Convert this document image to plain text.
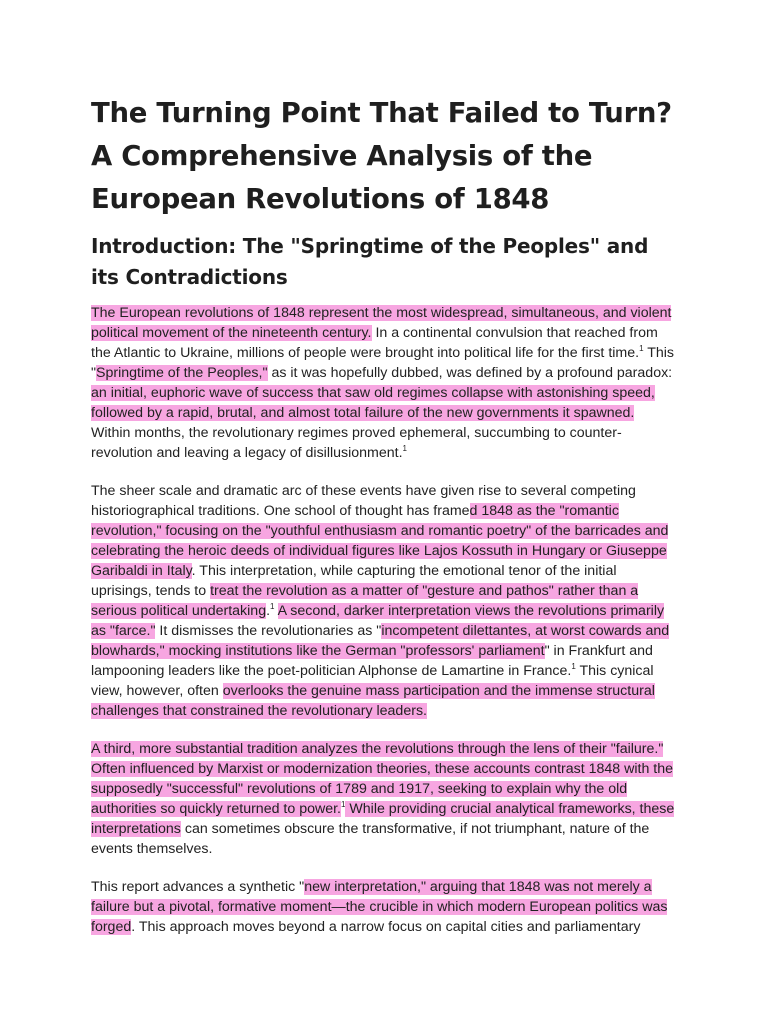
The Turning Point That Failed to Turn? A Comprehensive Analysis of the European Revolutions of 1848
Introduction: The "Springtime of the Peoples" and its Contradictions

The European revolutions of 1848 represent the most widespread, simultaneous, and violent political movement of the nineteenth century. In a continental convulsion that reached from the Atlantic to Ukraine, millions of people were brought into political life for the first time.$^1$ This "Springtime of the Peoples," as it was hopefully dubbed, was defined by a profound paradox: an initial, euphoric wave of success that saw old regimes collapse with astonishing speed, followed by a rapid, brutal, and almost total failure of the new governments it spawned. Within months, the revolutionary regimes proved ephemeral, succumbing to counter-revolution and leaving a legacy of disillusionment.$^1$

The sheer scale and dramatic arc of these events have given rise to several competing historiographical traditions. One school of thought has framed 1848 as the "romantic revolution," focusing on the "youthful enthusiasm and romantic poetry" of the barricades and celebrating the heroic deeds of individual figures like Lajos Kossuth in Hungary or Giuseppe Garibaldi in Italy. This interpretation, while capturing the emotional tenor of the initial uprisings, tends to treat the revolution as a matter of "gesture and pathos" rather than a serious political undertaking.$^1$ A second, darker interpretation views the revolutions primarily as "farce." It dismisses the revolutionaries as "incompetent dilettantes, at worst cowards and blowhards," mocking institutions like the German "professors' parliament" in Frankfurt and lampooning leaders like the poet-politician Alphonse de Lamartine in France.$^1$ This cynical view, however, often overlooks the genuine mass participation and the immense structural challenges that constrained the revolutionary leaders.

A third, more substantial tradition analyzes the revolutions through the lens of their "failure." Often influenced by Marxist or modernization theories, these accounts contrast 1848 with the supposedly "successful" revolutions of 1789 and 1917, seeking to explain why the old authorities so quickly returned to power.$^1$ While providing crucial analytical frameworks, these interpretations can sometimes obscure the transformative, if not triumphant, nature of the events themselves.

This report advances a synthetic "new interpretation," arguing that 1848 was not merely a failure but a pivotal, formative moment—the crucible in which modern European politics was forged. This approach moves beyond a narrow focus on capital cities and parliamentary
